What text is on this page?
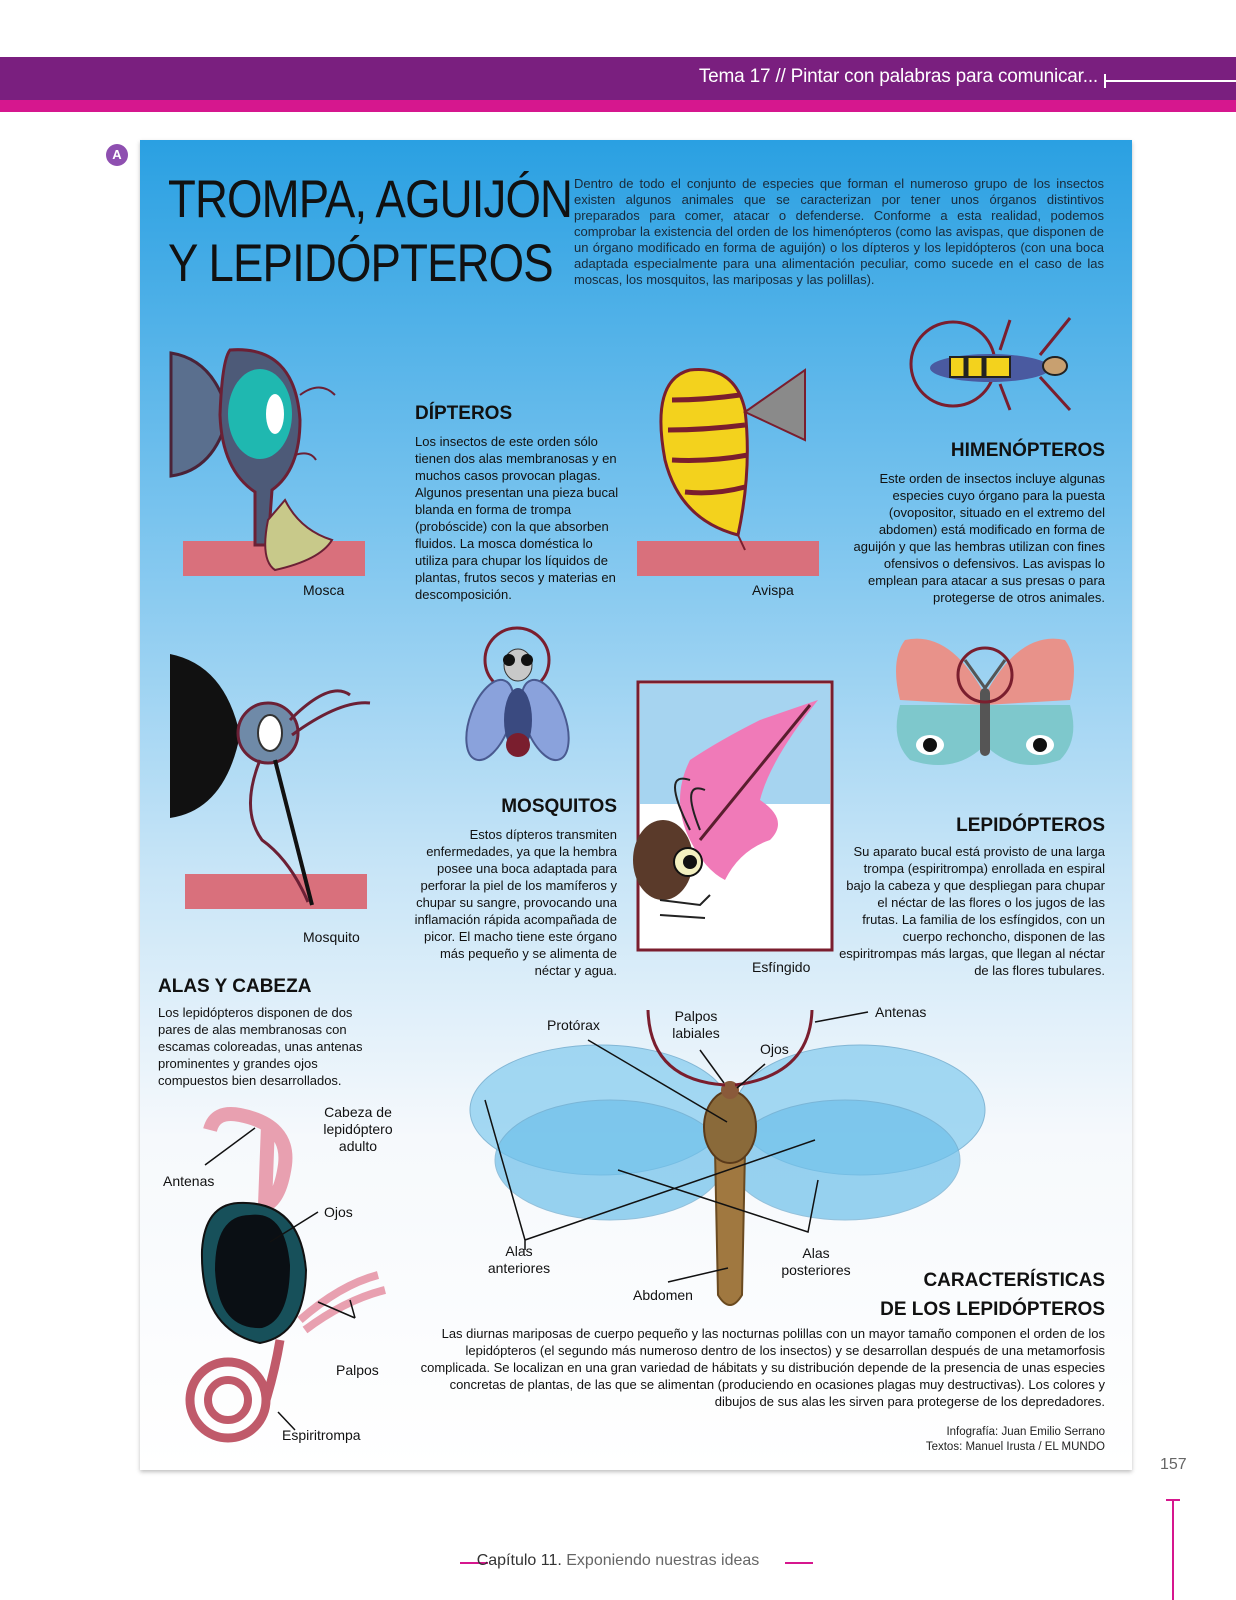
Tema 17 // Pintar con palabras para comunicar...
A
TROMPA, AGUIJÓN
Y LEPIDÓPTEROS
Dentro de todo el conjunto de especies que forman el numeroso grupo de los insectos existen algunos animales que se caracterizan por tener unos órganos distintivos preparados para comer, atacar o defenderse. Conforme a esta realidad, podemos comprobar la existencia del orden de los himenópteros (como las avispas, que disponen de un órgano modificado en forma de aguijón) o los dípteros y los lepidópteros (con una boca adaptada especialmente para una alimentación peculiar, como sucede en el caso de las moscas, los mosquitos, las mariposas y las polillas).
Mosca	Avispa
Mosquito
Esfíngido
DÍPTEROS
Los insectos de este orden sólo tienen dos alas membranosas y en muchos casos provocan plagas. Algunos presentan una pieza bucal blanda en forma de trompa (probóscide) con la que absorben fluidos. La mosca doméstica lo utiliza para chupar los líquidos de plantas, frutos secos y materias en descomposición.
HIMENÓPTEROS
Este orden de insectos incluye algunas especies cuyo órgano para la puesta (ovopositor, situado en el extremo del abdomen) está modificado en forma de aguijón y que las hembras utilizan con fines ofensivos o defensivos. Las avispas lo emplean para atacar a sus presas o para protegerse de otros animales.
MOSQUITOS
Estos dípteros transmiten enfermedades, ya que la hembra posee una boca adaptada para perforar la piel de los mamíferos y chupar su sangre, provocando una inflamación rápida acompañada de picor. El macho tiene este órgano más pequeño y se alimenta de néctar y agua.
LEPIDÓPTEROS
Su aparato bucal está provisto de una larga trompa (espiritrompa) enrollada en espiral bajo la cabeza y que despliegan para chupar el néctar de las flores o los jugos de las frutas. La familia de los esfíngidos, con un cuerpo rechoncho, disponen de las espiritrompas más largas, que llegan al néctar de las flores tubulares.
ALAS Y CABEZA
Los lepidópteros disponen de dos pares de alas membranosas con escamas coloreadas, unas antenas prominentes y grandes ojos compuestos bien desarrollados.
Cabeza de lepidóptero adulto
Antenas
Ojos
Palpos
Espiritrompa
Protórax
Palpos labiales
Antenas
Ojos
Alas anteriores
Alas posteriores
Abdomen
CARACTERÍSTICAS
DE LOS LEPIDÓPTEROS
Las diurnas mariposas de cuerpo pequeño y las nocturnas polillas con un mayor tamaño componen el orden de los lepidópteros (el segundo más numeroso dentro de los insectos) y se desarrollan después de una metamorfosis complicada. Se localizan en una gran variedad de hábitats y su distribución depende de la presencia de unas especies concretas de plantas, de las que se alimentan (produciendo en ocasiones plagas muy destructivas). Los colores y dibujos de sus alas les sirven para protegerse de los depredadores.
Infografía: Juan Emilio Serrano
Textos: Manuel Irusta / EL MUNDO
157
Capítulo 11. Exponiendo nuestras ideas
